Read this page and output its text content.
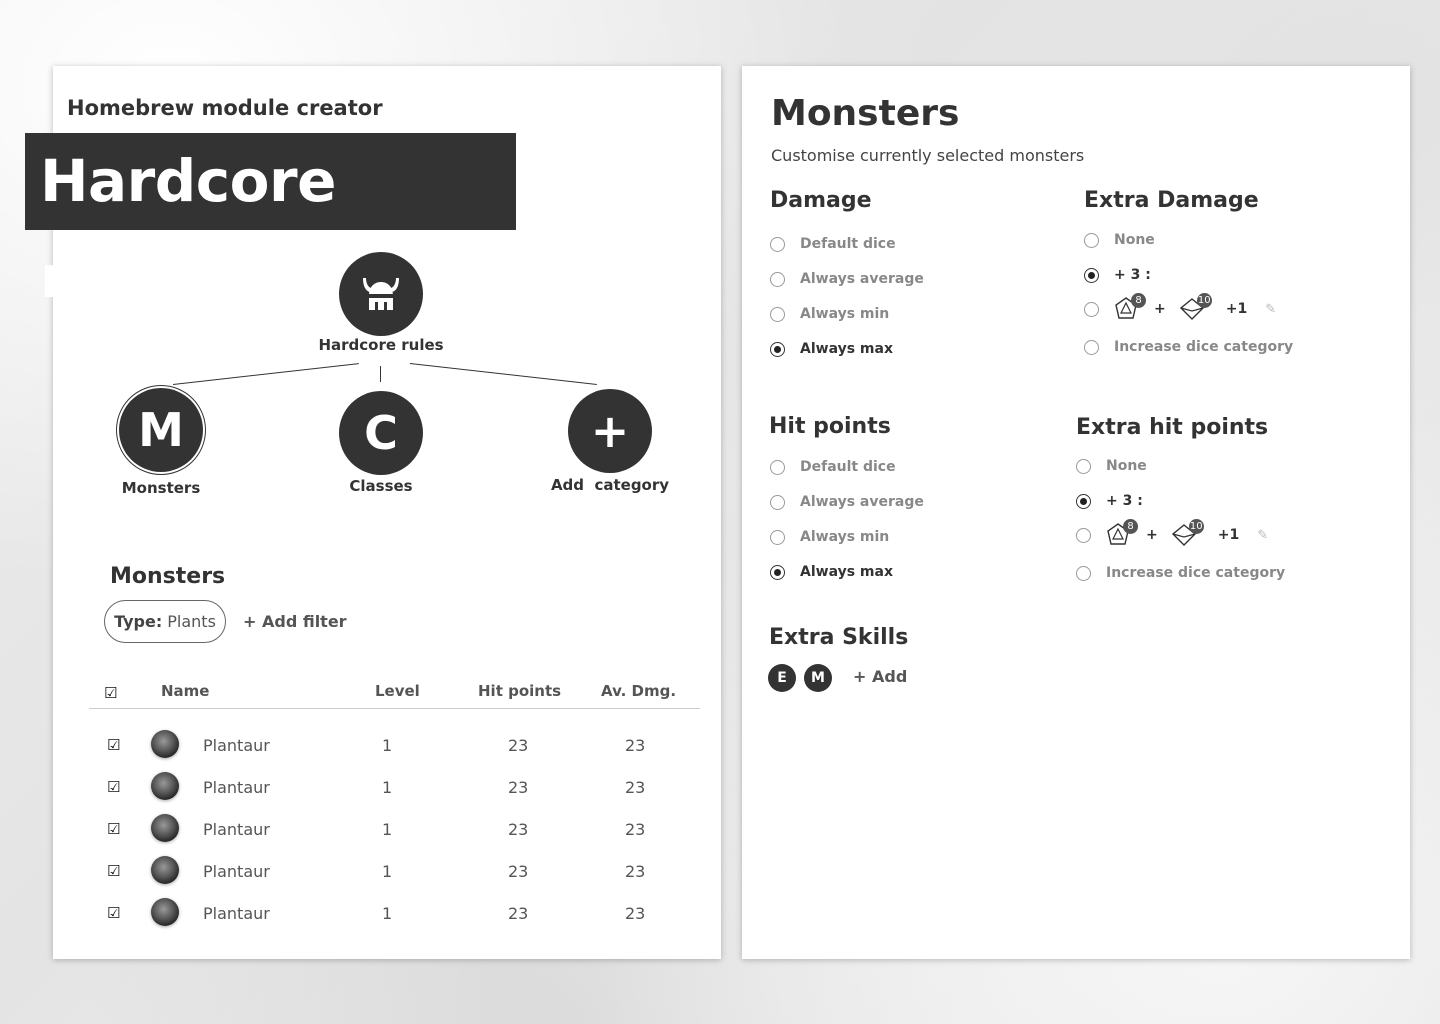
Homebrew module creator
Hardcore rules
Hardcore rules
M
Monsters
C
Classes
+
Add  category
Monsters
Type: Plants + Add filter
☑	Name	Level	Hit points	Av. Dmg.
☑	Plantaur	1	23	23
☑	Plantaur	1	23	23
☑	Plantaur	1	23	23
☑	Plantaur	1	23	23
☑	Plantaur	1	23	23
Monsters
Customise currently selected monsters
Damage
Default dice
Always average
Always min
Always max
Extra Damage
None
+ 3 :
8
+
10
+1 ✎
Increase dice category
Hit points
Default dice
Always average
Always min
Always max
Extra hit points
None
+ 3 :
8
+
10
+1 ✎
Increase dice category
Extra Skills
E	M	+ Add
